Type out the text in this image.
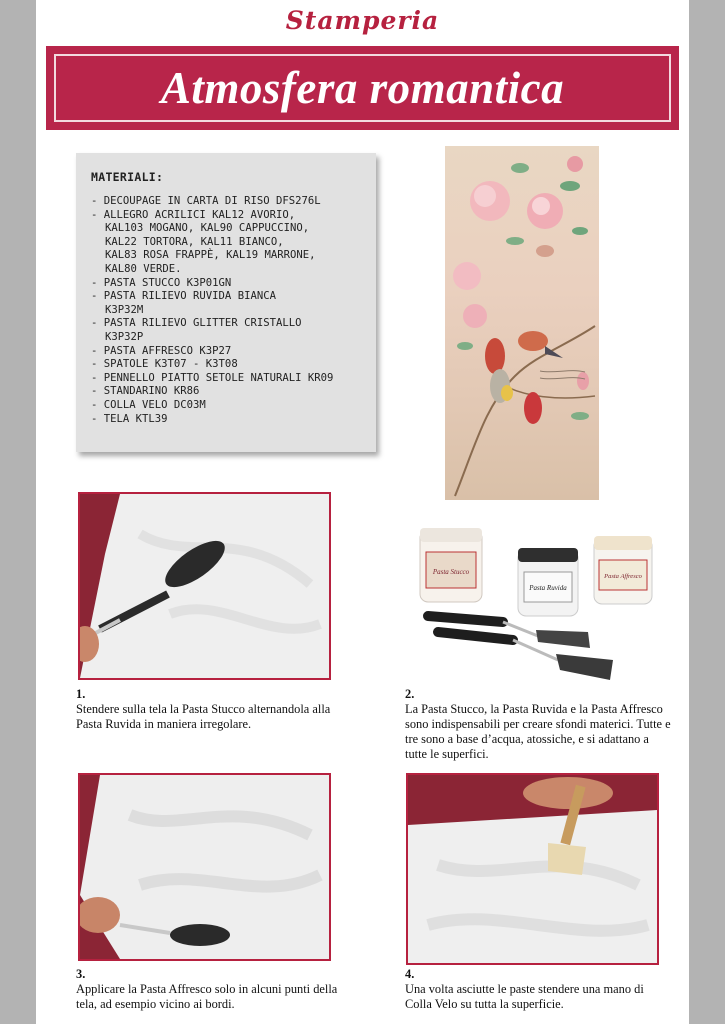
Stamperia
Atmosfera romantica
MATERIALI:
- DECOUPAGE IN CARTA DI RISO DFS276L
- ALLEGRO ACRILICI KAL12 AVORIO,
KAL103 MOGANO, KAL90 CAPPUCCINO,
KAL22 TORTORA, KAL11 BIANCO,
KAL83 ROSA FRAPPÈ, KAL19 MARRONE,
KAL80 VERDE.
- PASTA STUCCO K3P01GN
- PASTA RILIEVO RUVIDA BIANCA
K3P32M
- PASTA RILIEVO GLITTER CRISTALLO
K3P32P
- PASTA AFFRESCO K3P27
- SPATOLE K3T07 - K3T08
- PENNELLO PIATTO SETOLE NATURALI KR09
- STANDARINO KR86
- COLLA VELO DC03M
- TELA KTL39
Pasta Stucco
Pasta Ruvida
Pasta Affresco
1.
Stendere sulla tela la Pasta Stucco alternandola alla Pasta Ruvida in maniera irregolare.
2.
La Pasta Stucco, la Pasta Ruvida e la Pasta Affresco sono indispensabili per creare sfondi materici. Tutte e tre sono a base d’acqua, atossiche, e si adattano a tutte le superfici.
3.
Applicare la Pasta Affresco solo in alcuni punti della tela, ad esempio vicino ai bordi.
4.
Una volta asciutte le paste stendere una mano di Colla Velo su tutta la superficie.
